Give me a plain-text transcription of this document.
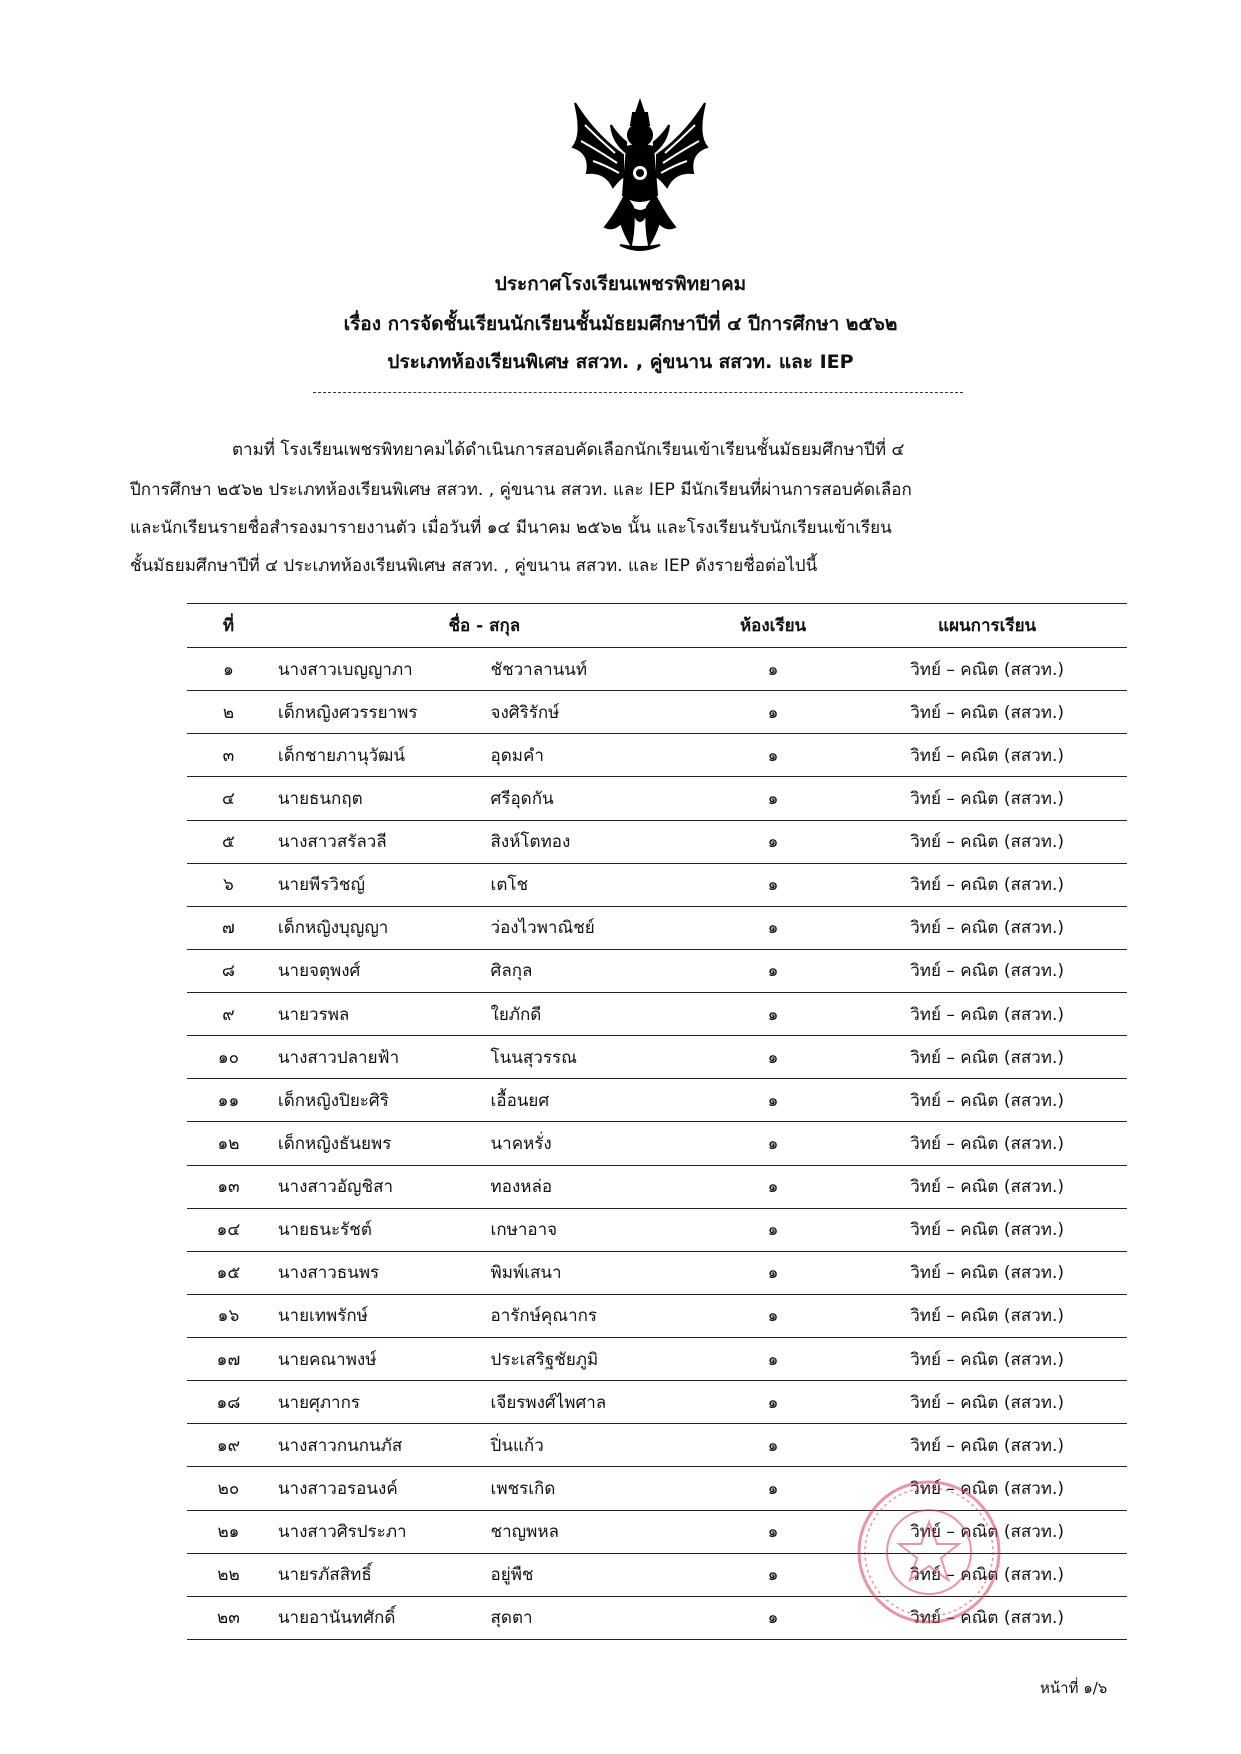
ประกาศโรงเรียนเพชรพิทยาคม
เรื่อง การจัดชั้นเรียนนักเรียนชั้นมัธยมศึกษาปีที่ ๔ ปีการศึกษา ๒๕๖๒
ประเภทห้องเรียนพิเศษ สสวท. , คู่ขนาน สสวท. และ IEP
ตามที่ โรงเรียนเพชรพิทยาคมได้ดำเนินการสอบคัดเลือกนักเรียนเข้าเรียนชั้นมัธยมศึกษาปีที่ ๔
ปีการศึกษา ๒๕๖๒ ประเภทห้องเรียนพิเศษ สสวท. , คู่ขนาน สสวท. และ IEP มีนักเรียนที่ผ่านการสอบคัดเลือก
และนักเรียนรายชื่อสำรองมารายงานตัว เมื่อวันที่ ๑๔ มีนาคม ๒๕๖๒ นั้น และโรงเรียนรับนักเรียนเข้าเรียน
ชั้นมัธยมศึกษาปีที่ ๔ ประเภทห้องเรียนพิเศษ สสวท. , คู่ขนาน สสวท. และ IEP ดังรายชื่อต่อไปนี้
ที่	ชื่อ - สกุล		ห้องเรียน	แผนการเรียน
๑	นางสาวเบญญาภา	ชัชวาลานนท์	๑	วิทย์ – คณิต (สสวท.)
๒	เด็กหญิงศวรรยาพร	จงศิริรักษ์	๑	วิทย์ – คณิต (สสวท.)
๓	เด็กชายภานุวัฒน์	อุดมคำ	๑	วิทย์ – คณิต (สสวท.)
๔	นายธนกฤต	ศรีอุดกัน	๑	วิทย์ – คณิต (สสวท.)
๕	นางสาวสรัลวลี	สิงห์โตทอง	๑	วิทย์ – คณิต (สสวท.)
๖	นายพีรวิชญ์	เตโช	๑	วิทย์ – คณิต (สสวท.)
๗	เด็กหญิงบุญญา	ว่องไวพาณิชย์	๑	วิทย์ – คณิต (สสวท.)
๘	นายจตุพงศ์	ศิลกุล	๑	วิทย์ – คณิต (สสวท.)
๙	นายวรพล	ใยภักดี	๑	วิทย์ – คณิต (สสวท.)
๑๐	นางสาวปลายฟ้า	โนนสุวรรณ	๑	วิทย์ – คณิต (สสวท.)
๑๑	เด็กหญิงปิยะศิริ	เอื้อนยศ	๑	วิทย์ – คณิต (สสวท.)
๑๒	เด็กหญิงธันยพร	นาคหรั่ง	๑	วิทย์ – คณิต (สสวท.)
๑๓	นางสาวอัญชิสา	ทองหล่อ	๑	วิทย์ – คณิต (สสวท.)
๑๔	นายธนะรัชต์	เกษาอาจ	๑	วิทย์ – คณิต (สสวท.)
๑๕	นางสาวธนพร	พิมพ์เสนา	๑	วิทย์ – คณิต (สสวท.)
๑๖	นายเทพรักษ์	อารักษ์คุณากร	๑	วิทย์ – คณิต (สสวท.)
๑๗	นายคณาพงษ์	ประเสริฐชัยภูมิ	๑	วิทย์ – คณิต (สสวท.)
๑๘	นายศุภากร	เจียรพงศ์ไพศาล	๑	วิทย์ – คณิต (สสวท.)
๑๙	นางสาวกนกนภัส	ปิ่นแก้ว	๑	วิทย์ – คณิต (สสวท.)
๒๐	นางสาวอรอนงค์	เพชรเกิด	๑	วิทย์ – คณิต (สสวท.)
๒๑	นางสาวศิรประภา	ชาญพหล	๑	วิทย์ – คณิต (สสวท.)
๒๒	นายรภัสสิทธิ์	อยู่พืช	๑	วิทย์ – คณิต (สสวท.)
๒๓	นายอานันทศักดิ์	สุดตา	๑	วิทย์ – คณิต (สสวท.)
หน้าที่ ๑/๖
